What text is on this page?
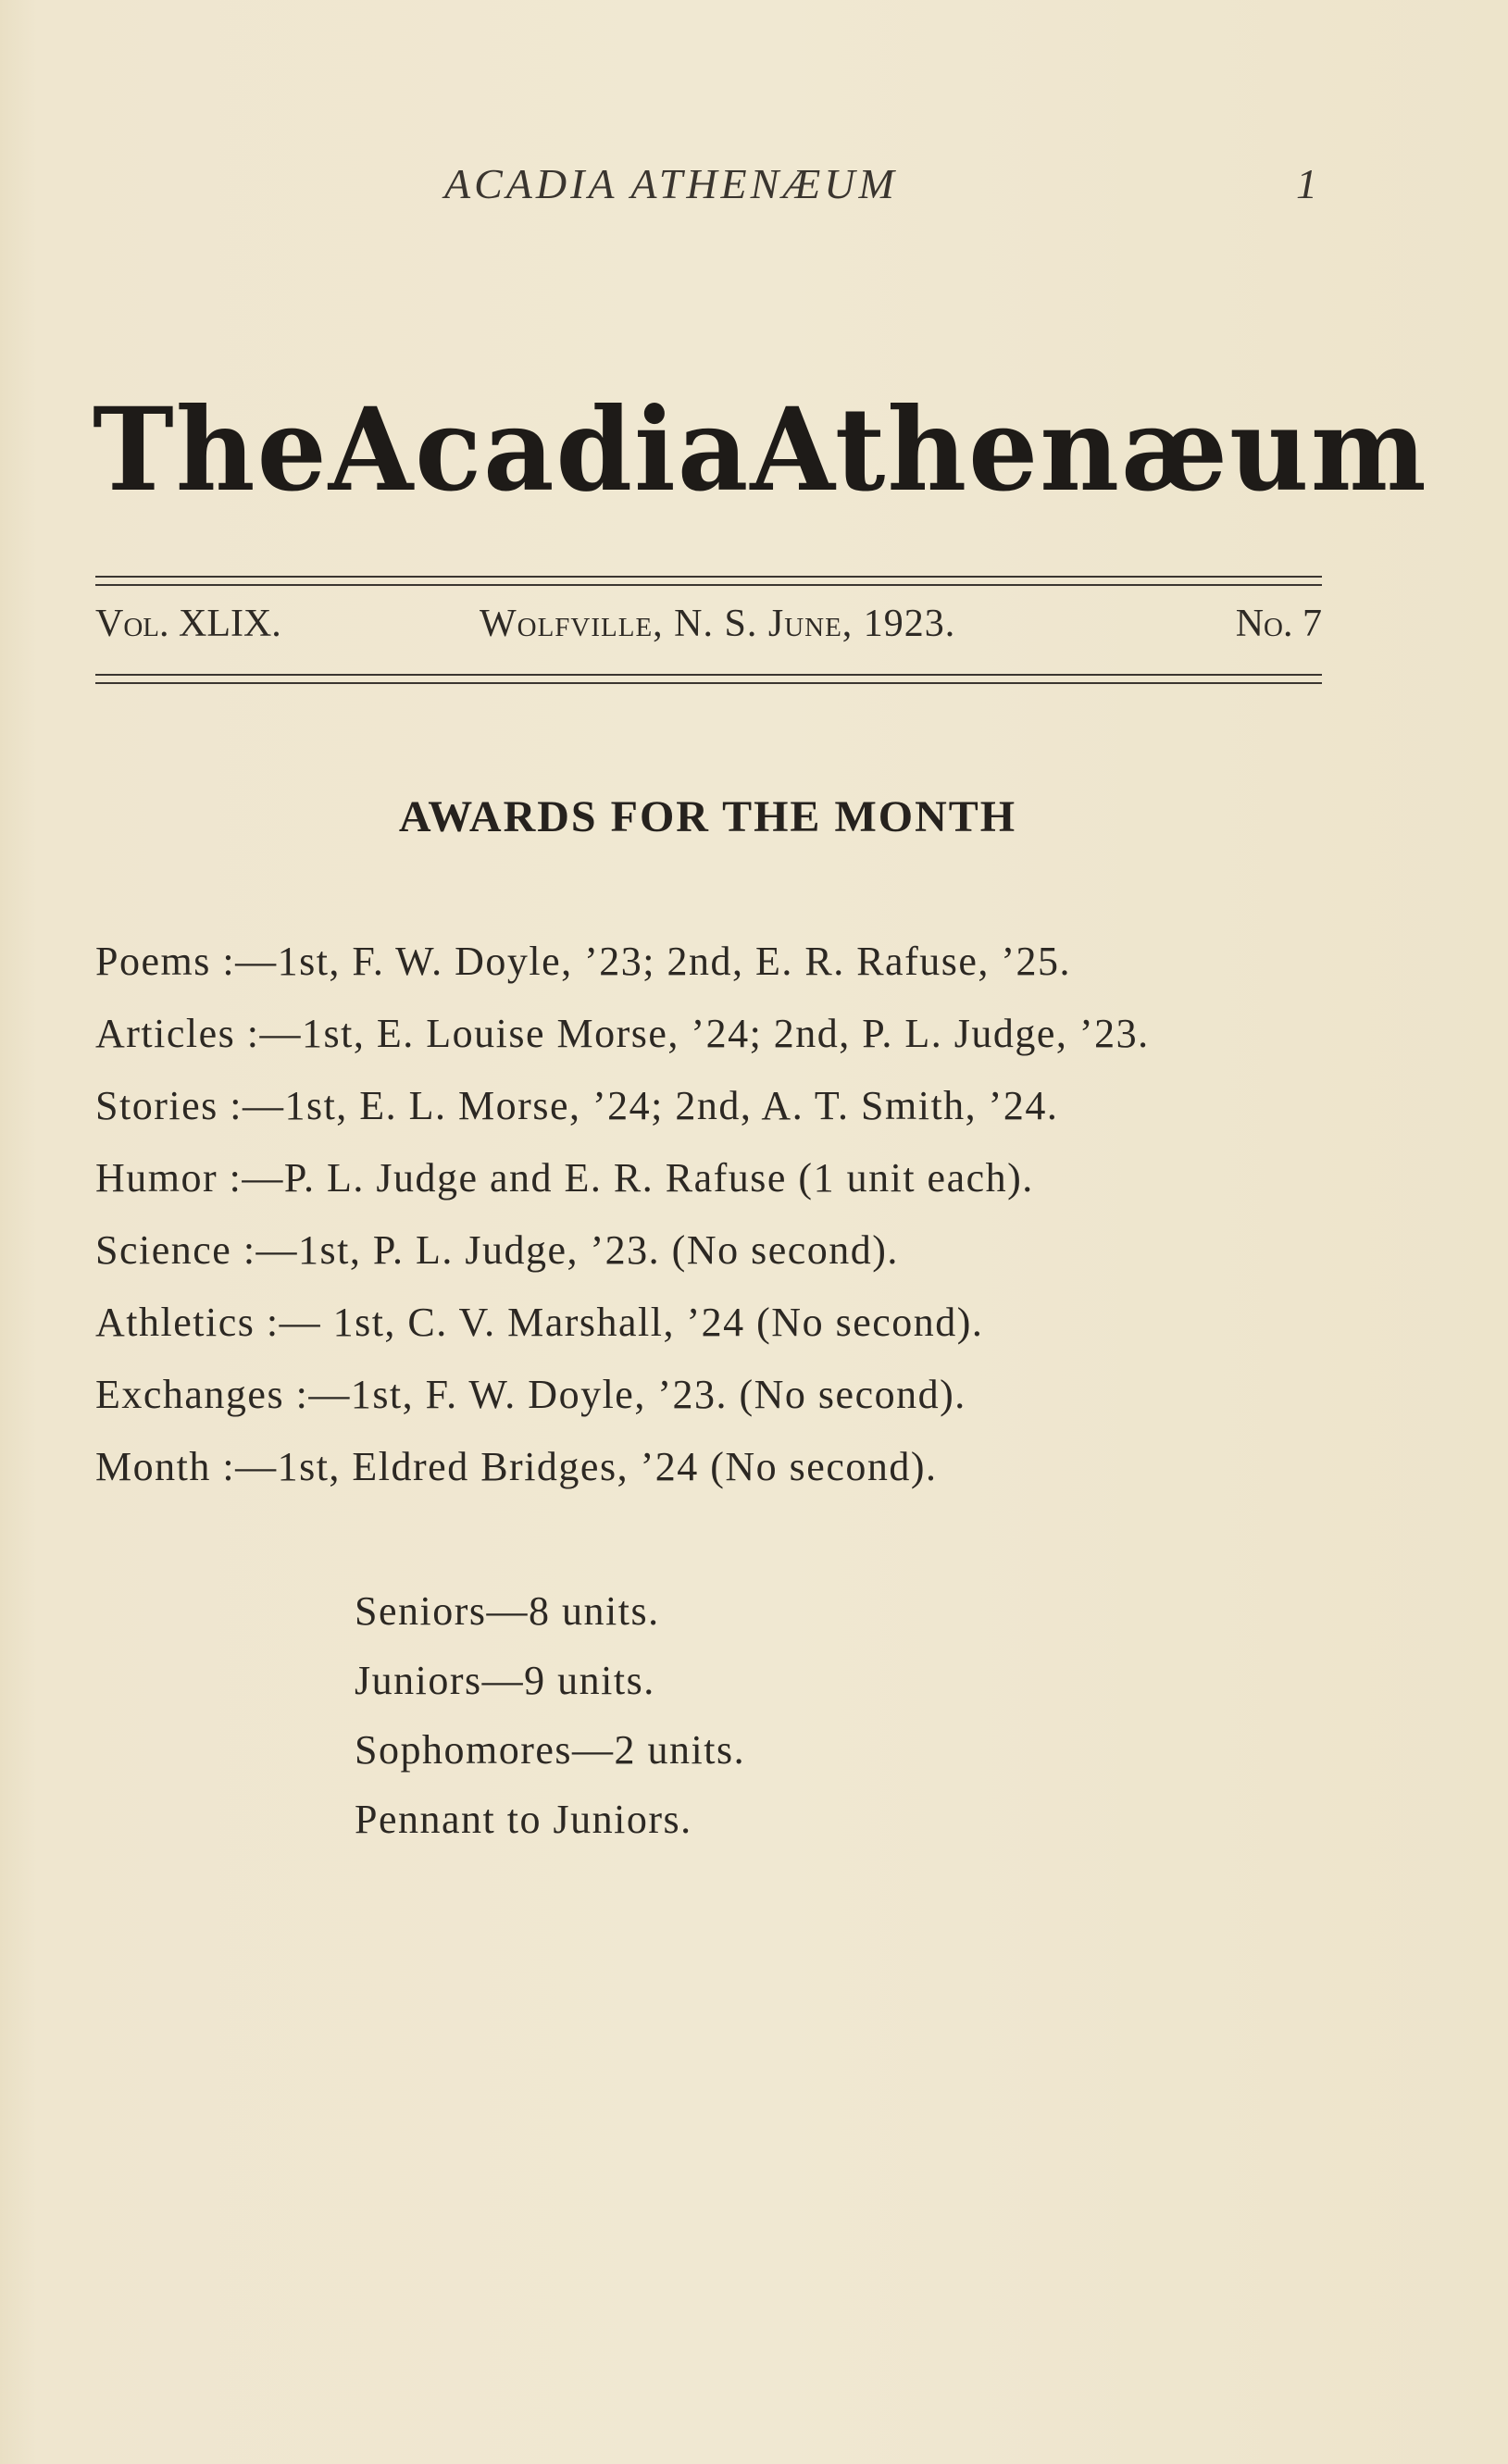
ACADIA ATHENÆUM	1
The Acadia Athenæum
Vol. XLIX.	Wolfville, N. S. June, 1923.	No. 7
AWARDS FOR THE MONTH
Poems :—1st, F. W. Doyle, ’23; 2nd, E. R. Rafuse, ’25.
Articles :—1st, E. Louise Morse, ’24; 2nd, P. L. Judge, ’23.
Stories :—1st, E. L. Morse, ’24; 2nd, A. T. Smith, ’24.
Humor :—P. L. Judge and E. R. Rafuse (1 unit each).
Science :—1st, P. L. Judge, ’23. (No second).
Athletics :— 1st, C. V. Marshall, ’24 (No second).
Exchanges :—1st, F. W. Doyle, ’23. (No second).
Month :—1st, Eldred Bridges, ’24 (No second).
Seniors—8 units.
Juniors—9 units.
Sophomores—2 units.
Pennant to Juniors.
